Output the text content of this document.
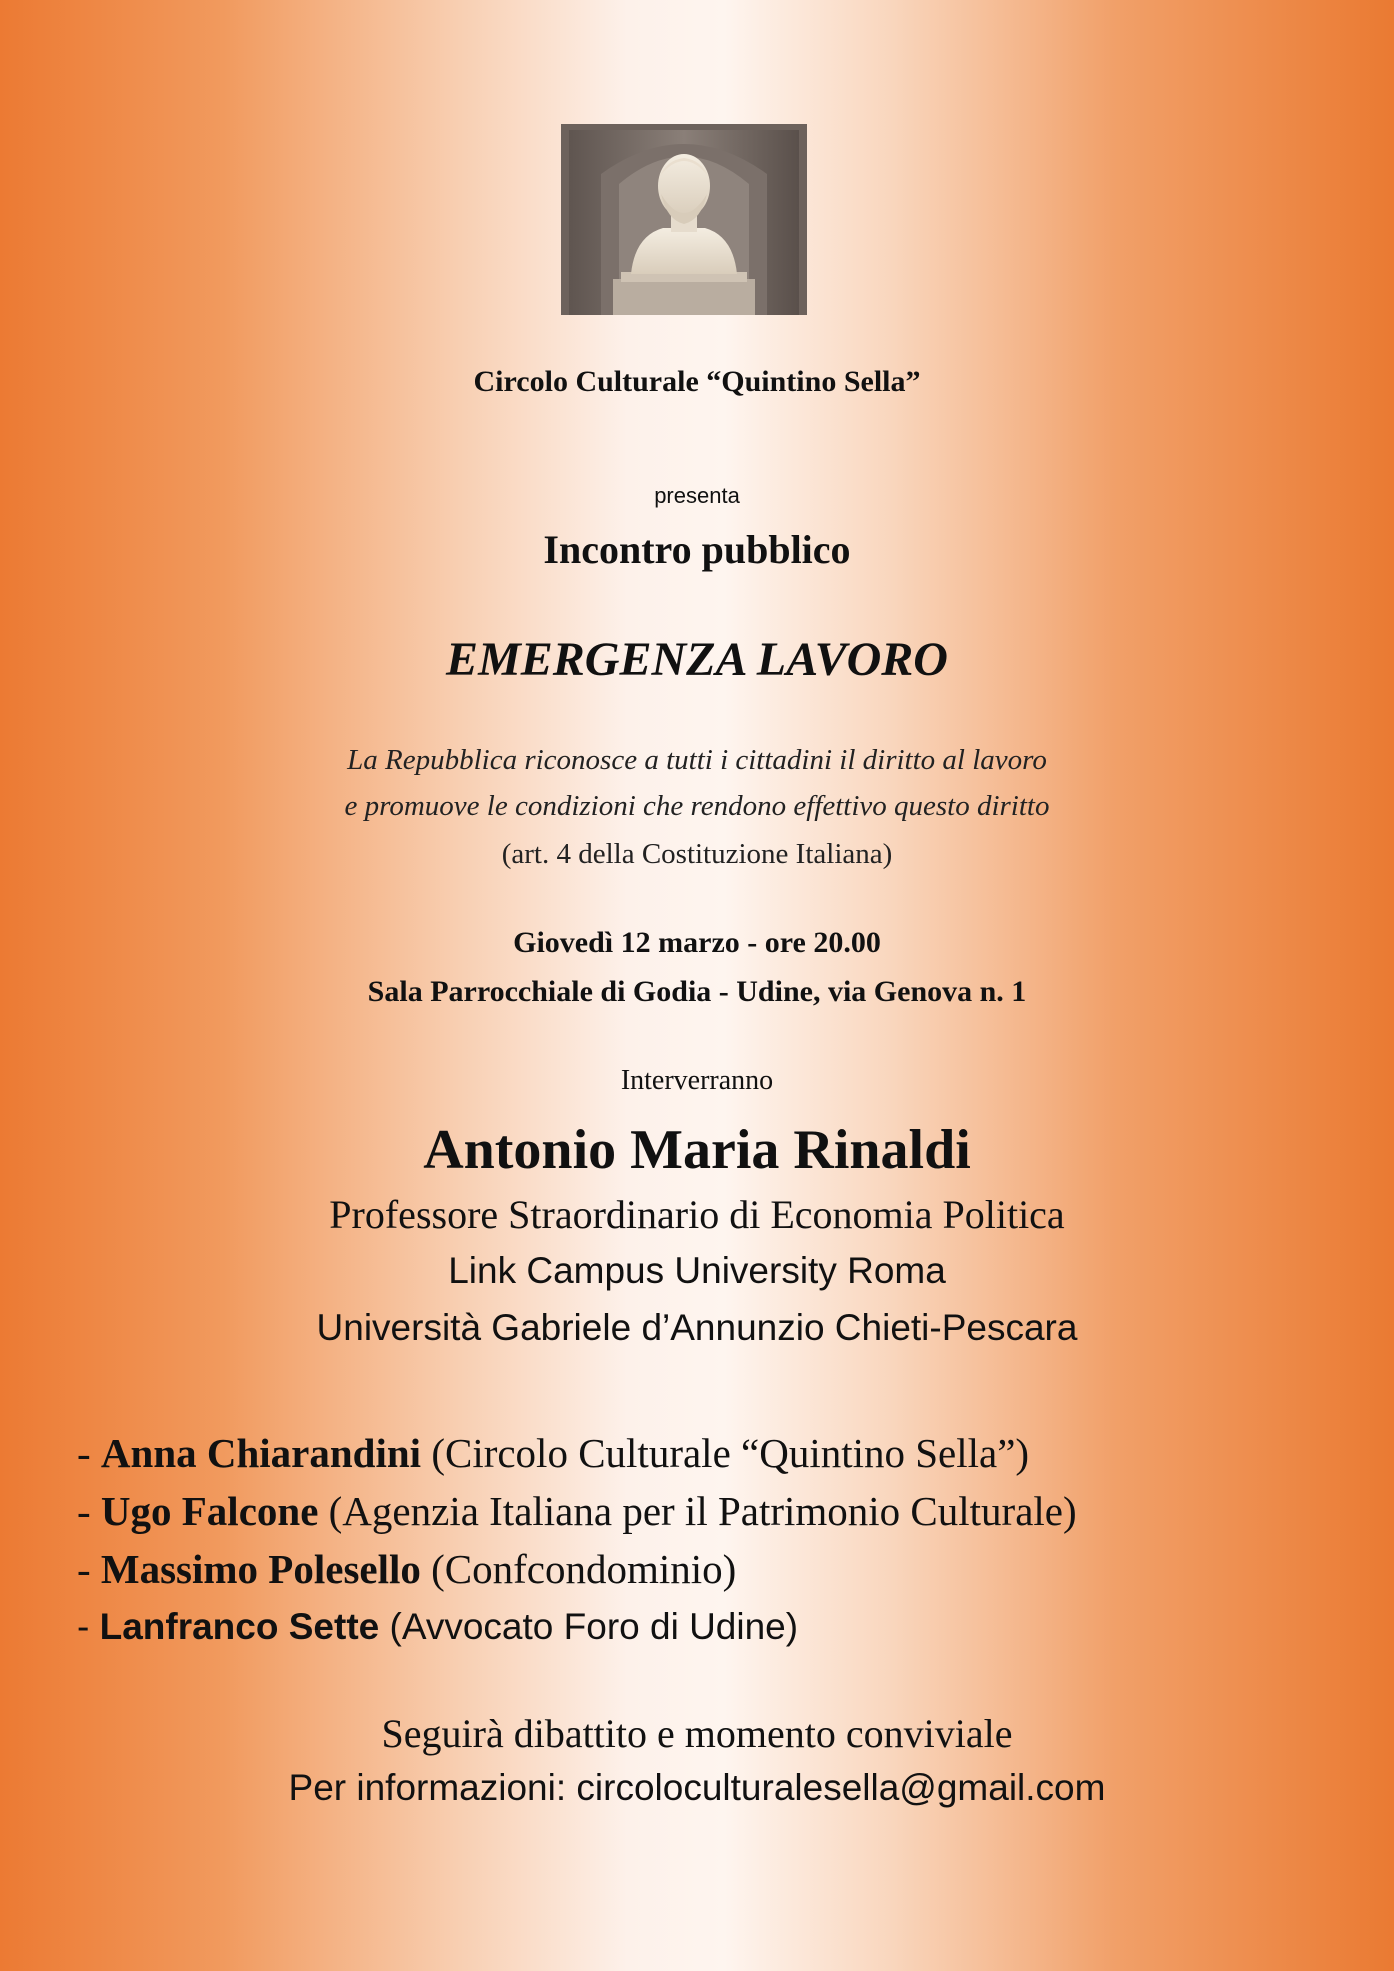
Circolo Culturale “Quintino Sella”
presenta
Incontro pubblico
EMERGENZA LAVORO
La Repubblica riconosce a tutti i cittadini il diritto al lavoro
e promuove le condizioni che rendono effettivo questo diritto
(art. 4 della Costituzione Italiana)
Giovedì 12 marzo - ore 20.00
Sala Parrocchiale di Godia - Udine, via Genova n. 1
Interverranno
Antonio Maria Rinaldi
Professore Straordinario di Economia Politica
Link Campus University Roma
Università Gabriele d’Annunzio Chieti-Pescara
- Anna Chiarandini (Circolo Culturale “Quintino Sella”)
- Ugo Falcone (Agenzia Italiana per il Patrimonio Culturale)
- Massimo Polesello (Confcondominio)
- Lanfranco Sette (Avvocato Foro di Udine)
Seguirà dibattito e momento conviviale
Per informazioni: circoloculturalesella@gmail.com
